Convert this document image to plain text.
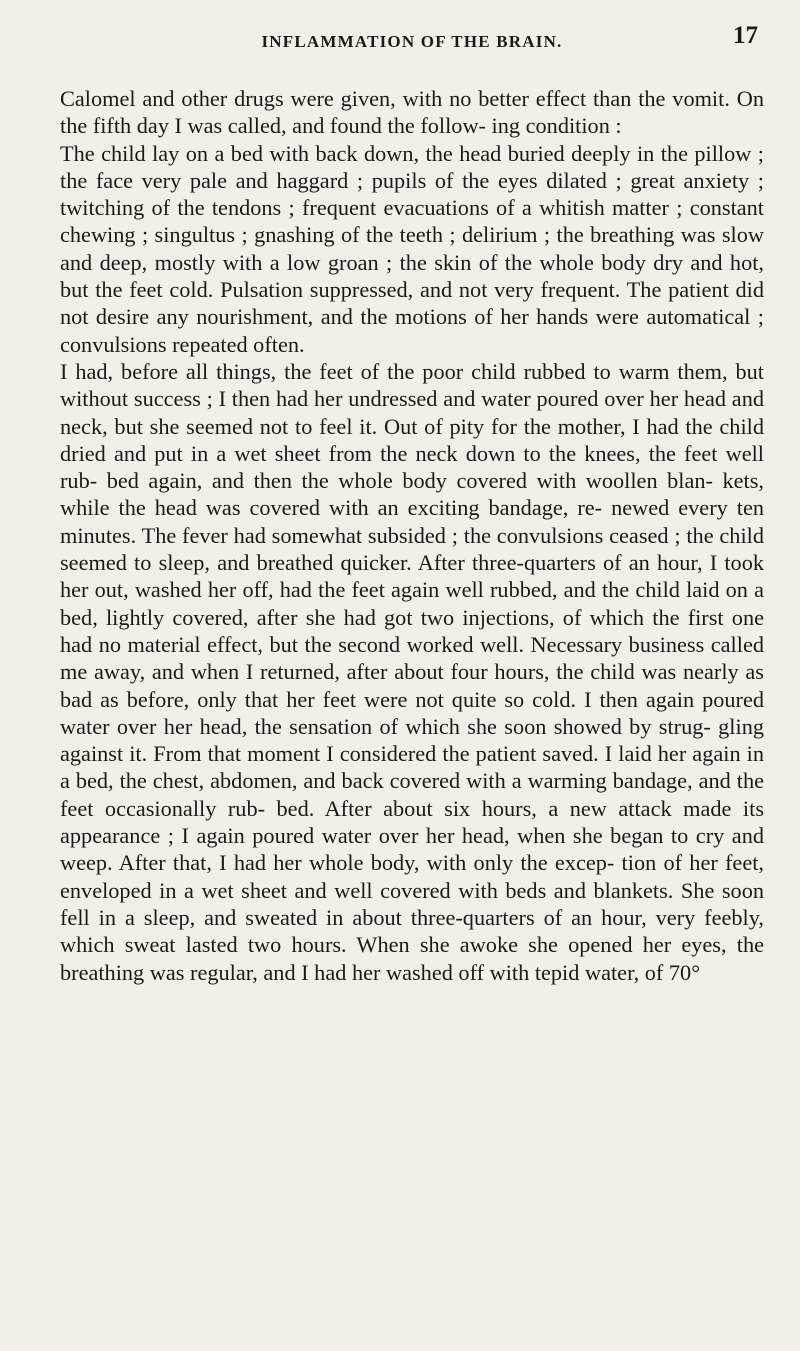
INFLAMMATION OF THE BRAIN.	17

Calomel and other drugs were given, with no better effect than the vomit. On the fifth day I was called, and found the follow- ing condition :

The child lay on a bed with back down, the head buried deeply in the pillow ; the face very pale and haggard ; pupils of the eyes dilated ; great anxiety ; twitching of the tendons ; frequent evacuations of a whitish matter ; constant chewing ; singultus ; gnashing of the teeth ; delirium ; the breathing was slow and deep, mostly with a low groan ; the skin of the whole body dry and hot, but the feet cold. Pulsation suppressed, and not very frequent. The patient did not desire any nourishment, and the motions of her hands were automatical ; convulsions repeated often.

I had, before all things, the feet of the poor child rubbed to warm them, but without success ; I then had her undressed and water poured over her head and neck, but she seemed not to feel it. Out of pity for the mother, I had the child dried and put in a wet sheet from the neck down to the knees, the feet well rub- bed again, and then the whole body covered with woollen blan- kets, while the head was covered with an exciting bandage, re- newed every ten minutes. The fever had somewhat subsided ; the convulsions ceased ; the child seemed to sleep, and breathed quicker. After three-quarters of an hour, I took her out, washed her off, had the feet again well rubbed, and the child laid on a bed, lightly covered, after she had got two injections, of which the first one had no material effect, but the second worked well. Necessary business called me away, and when I returned, after about four hours, the child was nearly as bad as before, only that her feet were not quite so cold. I then again poured water over her head, the sensation of which she soon showed by strug- gling against it. From that moment I considered the patient saved. I laid her again in a bed, the chest, abdomen, and back covered with a warming bandage, and the feet occasionally rub- bed. After about six hours, a new attack made its appearance ; I again poured water over her head, when she began to cry and weep. After that, I had her whole body, with only the excep- tion of her feet, enveloped in a wet sheet and well covered with beds and blankets. She soon fell in a sleep, and sweated in about three-quarters of an hour, very feebly, which sweat lasted two hours. When she awoke she opened her eyes, the breathing was regular, and I had her washed off with tepid water, of 70°
